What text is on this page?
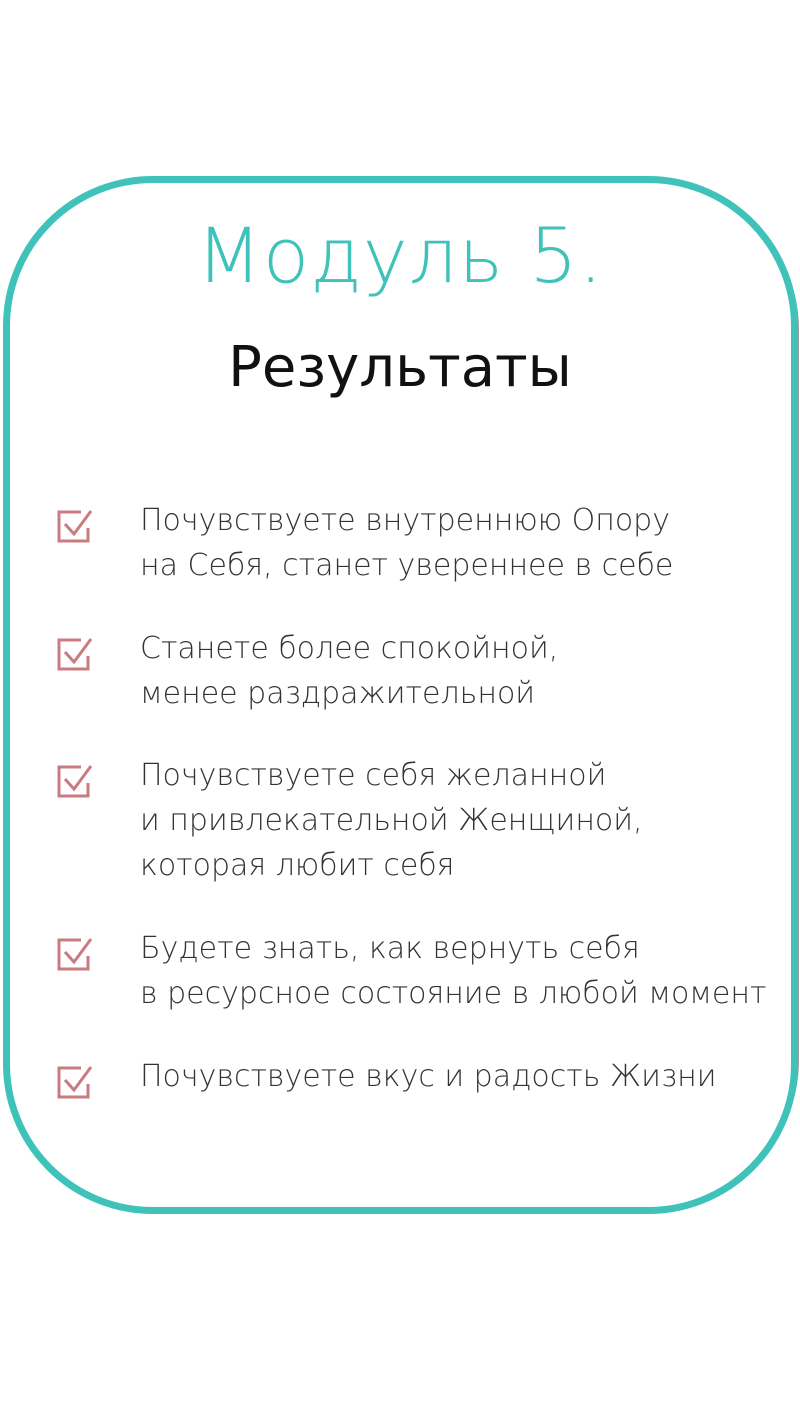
Модуль 5.
Результаты
Почувствуете внутреннюю Опору
на Себя, станет увереннее в себе
Станете более спокойной,
менее раздражительной
Почувствуете себя желанной
и привлекательной Женщиной,
которая любит себя
Будете знать, как вернуть себя
в ресурсное состояние в любой момент
Почувствуете вкус и радость Жизни
